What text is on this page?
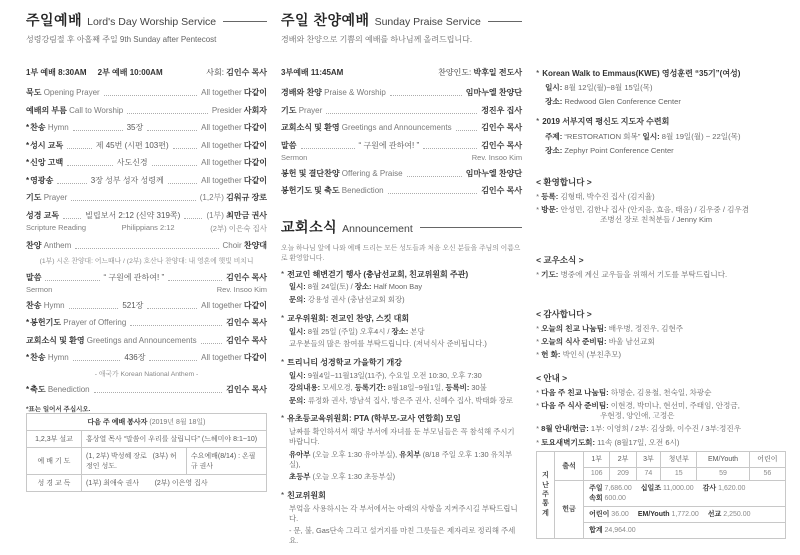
주일예배 Lord's Day Worship Service
성령강림절 후 아홉째 주일 9th Sunday after Pentecost
1부 예배 8:30AM     2부 예배 10:00AM	사회: 김인수 목사
묵도 Opening Prayer	All together 다같이
예배의 부름 Call to Worship	Presider 사회자
*찬송 Hymn	35장	All together 다같이
*성시 교독	제 45번 (시편 103편)	All together 다같이
*신앙 고백	사도신경	All together 다같이
*영광송	3장 성부 성자 성령께	All together 다같이
기도 Prayer	(1,2부) 김워규 장로
성경 교독	빌립보서 2:12 (신약 319쪽)	(1부) 최만금 권사
Scripture Reading	Philippians 2:12	(2부) 이은숙 집사
찬양 Anthem	Choir 찬양대
(1부) 시온 찬양대: 어느때나 / (2부) 호산나 찬양대: 내 영혼에 햇빛 비치니
말씀	“ 구원에 관하여! ”	김인수 목사
Sermon	Rev. Insoo Kim
찬송 Hymn	521장	All together 다같이
*봉헌기도 Prayer of Offering	김인수 목사
교회소식 및 환영 Greetings and Announcements	김인수 목사
*찬송 Hymn	436장	All together 다같이
- 애국가 Korean National Anthem -
*축도 Benediction	김인수 목사
*표는 일어서 주십시오.
다음 주 예배 봉사자 (2019년 8월 18일)		
1,2,3부 설교	홍상열 목사 “말씀이 우리를 살립니다” (느헤미야 8:1~10)	
예 배 기 도	(1, 2부) 박성혜 장로   (3부) 허정인 성도.	수요예배(8/14) : 온필규 권사
성 경 교 독	(1부) 최애숙 권사        (2부) 이은영 집사	
주일 찬양예배 Sunday Praise Service
경배와 찬양으로 기쁨의 예배를 하나님께 올려드립니다.
3부예배 11:45AM	찬양인도: 박후일 전도사
경배와 찬양 Praise & Worship	임마누엘 찬양단
기도 Prayer	정진우 집사
교회소식 및 환영 Greetings and Announcements	김인수 목사
말씀	“ 구원에 관하여! ”	김인수 목사
Sermon	Rev. Insoo Kim
봉헌 및 결단찬양 Offering & Praise	임마누엘 찬양단
봉헌기도 및 축도 Benediction	김인수 목사
교회소식 Announcement
오늘 하나님 앞에 나와 예배 드리는 모든 성도들과 처음 오신 분들을 주님의 이름으로 환영합니다.
* 전교인 해변걷기 행사 (충남선교회, 친교위원회 주관)
일시: 8월 24일(토) / 장소: Half Moon Bay
문의: 강용성 권사 (충남선교회 회장)
* 교우위원회: 전교인 찬양, 스킷 대회
일시: 8월 25일 (주일) 오후4시 / 장소: 본당
교우분들의 많은 참여를 부탁드립니다. (저녁식사 준비됩니다.)
* 트리니티 성경학교 가을학기 개강
일시: 9월4일~11월13일(11주), 수요일 오전 10:30, 오후 7:30
강의내용: 모세오경, 등록기간: 8월18일~9월1일, 등록비: 30불
문의: 류정화 권사, 방남석 집사, 방은주 권사, 신혜수 집사, 박태화 장로
* 유초등교육위원회: PTA (학부모-교사 연합회) 모임
날짜를 확인하셔서 해당 부서에 자녀를 둔 부모님들은 꼭 참석해 주시기 바랍니다.
유아부 (오늘 오후 1:30 유아부실), 유치부 (8/18 주일 오후 1:30 유치부실),
초등부 (오늘 오후 1:30 초등부실)
* 친교위원회
부엌을 사용하시는 각 부서에서는 아래의 사항을 지켜주시길 부탁드립니다.
- 문, 불, Gas단속 그리고 설거지를 마친 그릇들은 제자리로 정리해 주세요.
* Korean Walk to Emmaus(KWE) 영성훈련 “35기”(여성)
일시: 8월 12일(월)~8월 15일(목)
장소: Redwood Glen Conference Center
* 2019 서부지역 평신도 지도자 수련회
주제: “RESTORATION 회복” 일시: 8월 19일(월) ~ 22일(목)
장소: Zephyr Point Conference Center
< 환영합니다 >
* 등록: 김형태, 박수진 집사 (김지율)
* 방문: 안성민, 김한나 집사 (안지음, 효음, 태음) / 김우중 / 김우겸
조병선 장로 친척분들 / Jenny Kim
< 교우소식 >
* 기도: 병중에 계신 교우들을 위해서 기도를 부탁드립니다.
< 감사합니다 >
* 오늘의 친교 나눔팀: 배우병, 정진우, 김현주
* 오늘의 식사 준비팀: 바울 남선교회
* 헌 화: 박인식 (부친추모)
< 안내 >
* 다음 주 친교 나눔팀: 하명순, 김용철, 천숙일, 차광순
* 다음 주 식사 준비팀: 이현경, 박미나, 현선미, 주태임, 안정금,
우현정, 양인애, 고정은
* 8월 안내/헌금: 1부: 이영희 / 2부: 김상화, 이수진 / 3부:정진우
* 토요새벽기도회: 11속 (8월17일, 오전 6시)
지
난
주
통
계	출석	1부	2부	3부	청년부	EM/Youth	어린이
		106	209	74	15	59	56
	헌금	주일 7,686.00 십일조 11,000.00 감사 1,620.00속회 600.00					
		어린이 36.00 EM/Youth 1,772.00 선교 2,250.00					
		합계 24,964.00					
